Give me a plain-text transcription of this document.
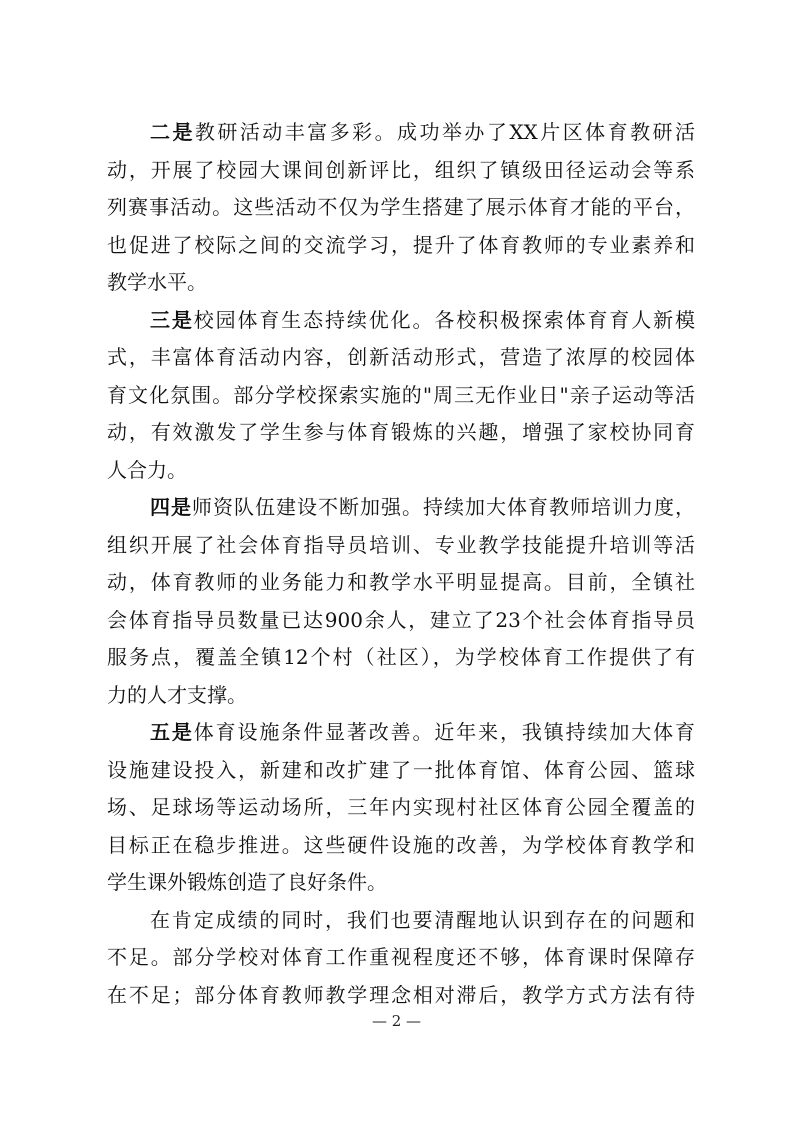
二是教研活动丰富多彩。成功举办了XX片区体育教研活
动，开展了校园大课间创新评比，组织了镇级田径运动会等系
列赛事活动。这些活动不仅为学生搭建了展示体育才能的平台，
也促进了校际之间的交流学习，提升了体育教师的专业素养和
教学水平。
三是校园体育生态持续优化。各校积极探索体育育人新模
式，丰富体育活动内容，创新活动形式，营造了浓厚的校园体
育文化氛围。部分学校探索实施的"周三无作业日"亲子运动等活
动，有效激发了学生参与体育锻炼的兴趣，增强了家校协同育
人合力。
四是师资队伍建设不断加强。持续加大体育教师培训力度，
组织开展了社会体育指导员培训、专业教学技能提升培训等活
动，体育教师的业务能力和教学水平明显提高。目前，全镇社
会体育指导员数量已达900余人，建立了23个社会体育指导员
服务点，覆盖全镇12个村（社区），为学校体育工作提供了有
力的人才支撑。
五是体育设施条件显著改善。近年来，我镇持续加大体育
设施建设投入，新建和改扩建了一批体育馆、体育公园、篮球
场、足球场等运动场所，三年内实现村社区体育公园全覆盖的
目标正在稳步推进。这些硬件设施的改善，为学校体育教学和
学生课外锻炼创造了良好条件。
在肯定成绩的同时，我们也要清醒地认识到存在的问题和
不足。部分学校对体育工作重视程度还不够，体育课时保障存
在不足；部分体育教师教学理念相对滞后，教学方式方法有待
— 2 —
